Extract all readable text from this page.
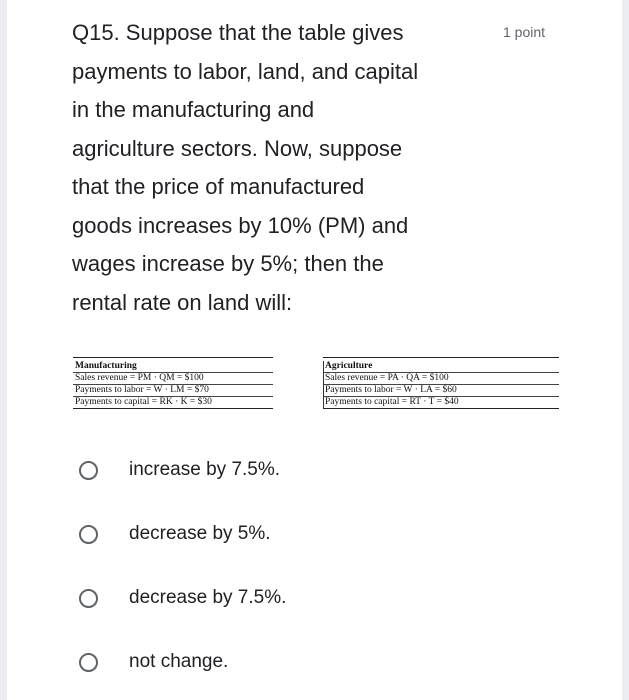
Q15. Suppose that the table gives
payments to labor, land, and capital
in the manufacturing and
agriculture sectors. Now, suppose
that the price of manufactured
goods increases by 10% (PM) and
wages increase by 5%; then the
rental rate on land will:
1 point
Manufacturing
Sales revenue = PM · QM = $100
Payments to labor = W · LM = $70
Payments to capital = RK · K = $30
Agriculture
Sales revenue = PA · QA = $100
Payments to labor = W · LA = $60
Payments to capital = RT · T = $40
increase by 7.5%.
decrease by 5%.
decrease by 7.5%.
not change.
